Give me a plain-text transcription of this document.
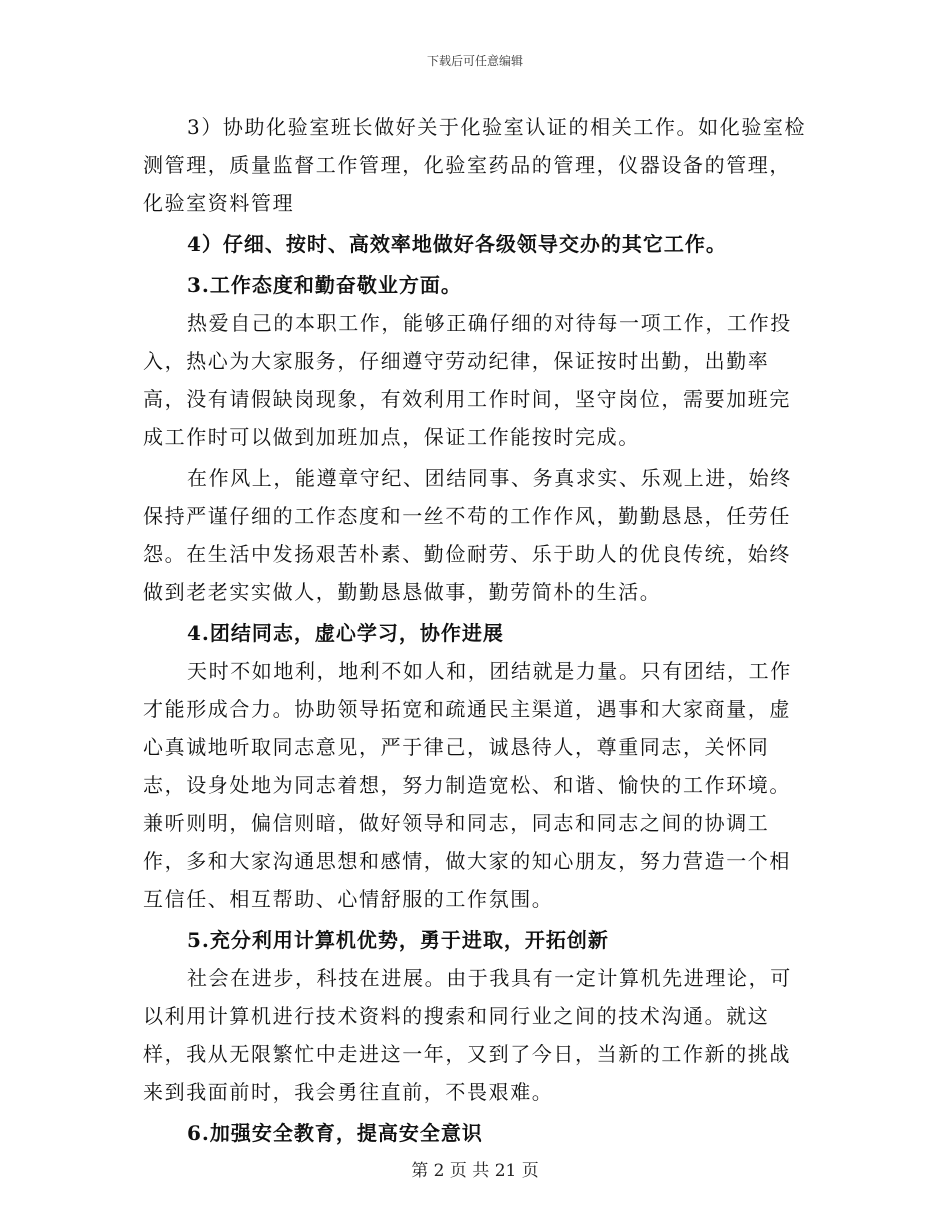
下载后可任意编辑

3）协助化验室班长做好关于化验室认证的相关工作。如化验室检测管理，质量监督工作管理，化验室药品的管理，仪器设备的管理，化验室资料管理

4）仔细、按时、高效率地做好各级领导交办的其它工作。

3.工作态度和勤奋敬业方面。

热爱自己的本职工作，能够正确仔细的对待每一项工作，工作投入，热心为大家服务，仔细遵守劳动纪律，保证按时出勤，出勤率高，没有请假缺岗现象，有效利用工作时间，坚守岗位，需要加班完成工作时可以做到加班加点，保证工作能按时完成。

在作风上，能遵章守纪、团结同事、务真求实、乐观上进，始终保持严谨仔细的工作态度和一丝不苟的工作作风，勤勤恳恳，任劳任怨。在生活中发扬艰苦朴素、勤俭耐劳、乐于助人的优良传统，始终做到老老实实做人，勤勤恳恳做事，勤劳简朴的生活。

4.团结同志，虚心学习，协作进展

天时不如地利，地利不如人和，团结就是力量。只有团结，工作才能形成合力。协助领导拓宽和疏通民主渠道，遇事和大家商量，虚心真诚地听取同志意见，严于律己，诚恳待人，尊重同志，关怀同志，设身处地为同志着想，努力制造宽松、和谐、愉快的工作环境。兼听则明，偏信则暗，做好领导和同志，同志和同志之间的协调工作，多和大家沟通思想和感情，做大家的知心朋友，努力营造一个相互信任、相互帮助、心情舒服的工作氛围。

5.充分利用计算机优势，勇于进取，开拓创新

社会在进步，科技在进展。由于我具有一定计算机先进理论，可以利用计算机进行技术资料的搜索和同行业之间的技术沟通。就这样，我从无限繁忙中走进这一年，又到了今日，当新的工作新的挑战来到我面前时，我会勇往直前，不畏艰难。

6.加强安全教育，提高安全意识

第 2 页 共 21 页
